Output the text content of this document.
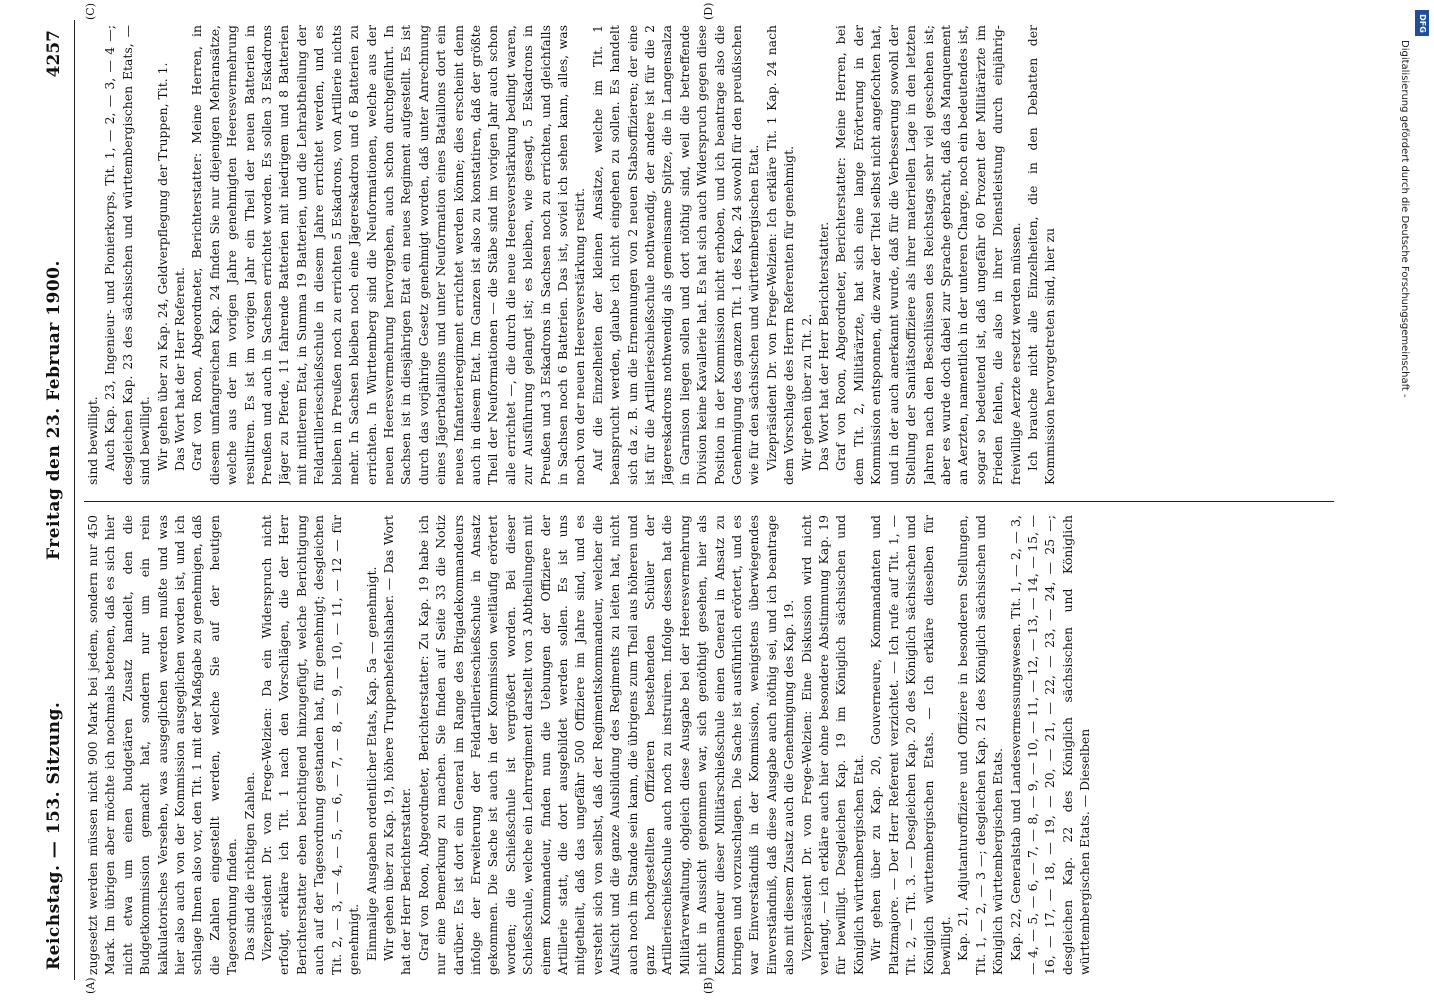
Reichstag. — 153. Sitzung.
Freitag den 23. Februar 1900.
4257
(A)	(B)
(C)	(D)

zugesetzt werden müssen nicht 900 Mark bei jedem, sondern nur 450 Mark. Im übrigen aber möchte ich nochmals betonen, daß es sich hier nicht etwa um einen budgetären Zusatz handelt, den die Budgetkommission gemacht hat, sondern nur um ein rein kalkulatorisches Versehen, was ausgeglichen werden mußte und was hier also auch von der Kommission ausgeglichen worden ist, und ich schlage Ihnen also vor, den Tit. 1 mit der Maßgabe zu genehmigen, daß die Zahlen eingestellt werden, welche Sie auf der heutigen Tagesordnung finden. Das sind die richtigen Zahlen. Vizepräsident Dr. von Frege-Welzien: Da ein Widerspruch nicht erfolgt, erkläre ich Tit. 1 nach den Vorschlägen, die der Herr Berichterstatter eben berichtigend hinzugefügt, welche Berichtigung auch auf der Tagesordnung gestanden hat, für genehmigt; desgleichen Tit. 2, — 3, — 4, — 5, — 6, — 7, — 8, — 9, — 10, — 11, — 12 — für genehmigt. Einmalige Ausgaben ordentlicher Etats, Kap. 5a — genehmigt. Wir gehen über zu Kap. 19, höhere Truppenbefehlshaber. — Das Wort hat der Herr Berichterstatter. Graf von Roon, Abgeordneter, Berichterstatter: Zu Kap. 19 habe ich nur eine Bemerkung zu machen. Sie finden auf Seite 33 die Notiz darüber. Es ist dort ein General im Range des Brigadekommandeurs infolge der Erweiterung der Feldartillerieschießschule in Ansatz gekommen. Die Sache ist auch in der Kommission weitläufig erörtert worden; die Schießschule ist vergrößert worden. Bei dieser Schießschule, welche ein Lehrregiment darstellt von 3 Abtheilungen mit einem Kommandeur, finden nun die Uebungen der Offiziere der Artillerie statt, die dort ausgebildet werden sollen. Es ist uns mitgetheilt, daß das ungefähr 500 Offiziere im Jahre sind, und es versteht sich von selbst, daß der Regimentskommandeur, welcher die Aufsicht und die ganze Ausbildung des Regiments zu leiten hat, nicht auch noch im Stande sein kann, die übrigens zum Theil aus höheren und ganz hochgestellten Offizieren bestehenden Schüler der Artillerieschießschule auch noch zu instruiren. Infolge dessen hat die Militärverwaltung, obgleich diese Ausgabe bei der Heeresvermehrung nicht in Aussicht genommen war, sich genöthigt gesehen, hier als Kommandeur dieser Militärschießschule einen General in Ansatz zu bringen und vorzuschlagen. Die Sache ist ausführlich erörtert, und es war Einverständniß in der Kommission, wenigstens überwiegendes Einverständniß, daß diese Ausgabe auch nöthig sei, und ich beantrage also mit diesem Zusatz auch die Genehmigung des Kap. 19. Vizepräsident Dr. von Frege-Welzien: Eine Diskussion wird nicht verlangt, — ich erkläre auch hier ohne besondere Abstimmung Kap. 19 für bewilligt. Desgleichen Kap. 19 im Königlich sächsischen und Königlich württembergischen Etat. Wir gehen über zu Kap. 20, Gouverneure, Kommandanten und Platzmajore. — Der Herr Referent verzichtet. — Ich rufe auf Tit. 1, — Tit. 2, — Tit. 3. — Desgleichen Kap. 20 des Königlich sächsischen und Königlich württembergischen Etats. — Ich erkläre dieselben für bewilligt. Kap. 21, Adjutanturoffiziere und Offiziere in besonderen Stellungen, Tit. 1, — 2, — 3 —; desgleichen Kap. 21 des Königlich sächsischen und Königlich württembergischen Etats. Kap. 22, Generalstab und Landesvermessungswesen. Tit. 1, — 2, — 3, — 4, — 5, — 6, — 7, — 8, — 9, — 10, — 11, — 12, — 13, — 14, — 15, — 16, — 17, — 18, — 19, — 20, — 21, — 22, — 23, — 24, — 25 —; desgleichen Kap. 22 des Königlich sächsischen und Königlich württembergischen Etats. — Dieselben

sind bewilligt. Auch Kap. 23, Ingenieur- und Pionierkorps, Tit. 1, — 2, — 3, — 4 —; desgleichen Kap. 23 des sächsischen und württembergischen Etats, — sind bewilligt. Wir gehen über zu Kap. 24, Geldverpflegung der Truppen, Tit. 1. Das Wort hat der Herr Referent. Graf von Roon, Abgeordneter, Berichterstatter: Meine Herren, in diesem umfangreichen Kap. 24 finden Sie nur diejenigen Mehransätze, welche aus der im vorigen Jahre genehmigten Heeresvermehrung resultiren. Es ist im vorigen Jahr ein Theil der neuen Batterien in Preußen und auch in Sachsen errichtet worden. Es sollen 3 Eskadrons Jäger zu Pferde, 11 fahrende Batterien mit niedrigem und 8 Batterien mit mittlerem Etat, in Summa 19 Batterien, und die Lehrabtheilung der Feldartillerieschießschule in diesem Jahre errichtet werden, und es bleiben in Preußen noch zu errichten 5 Eskadrons, von Artillerie nichts mehr. In Sachsen bleiben noch eine Jägereskadron und 6 Batterien zu errichten. In Württemberg sind die Neuformationen, welche aus der neuen Heeresvermehrung hervorgehen, auch schon durchgeführt. In Sachsen ist in diesjährigen Etat ein neues Regiment aufgestellt. Es ist durch das vorjährige Gesetz genehmigt worden, daß unter Anrechnung eines Jägerbataillons und unter Neuformation eines Bataillons dort ein neues Infanterieregiment errichtet werden könne; dies erscheint denn auch in diesem Etat. Im Ganzen ist also zu konstatiren, daß der größte Theil der Neuformationen — die Stäbe sind im vorigen Jahr auch schon alle errichtet —, die durch die neue Heeresverstärkung bedingt waren, zur Ausführung gelangt ist; es bleiben, wie gesagt, 5 Eskadrons in Preußen und 3 Eskadrons in Sachsen noch zu errichten, und gleichfalls in Sachsen noch 6 Batterien. Das ist, soviel ich sehen kann, alles, was noch von der neuen Heeresverstärkung restirt. Auf die Einzelheiten der kleinen Ansätze, welche im Tit. 1 beansprucht werden, glaube ich nicht eingehen zu sollen. Es handelt sich da z. B. um die Ernennungen von 2 neuen Stabsoffizieren; der eine ist für die Artillerieschießschule nothwendig, der andere ist für die 2 Jägereskadrons nothwendig als gemeinsame Spitze, die in Langensalza in Garnison liegen sollen und dort nöthig sind, weil die betreffende Division keine Kavallerie hat. Es hat sich auch Widerspruch gegen diese Position in der Kommission nicht erhoben, und ich beantrage also die Genehmigung des ganzen Tit. 1 des Kap. 24 sowohl für den preußischen wie für den sächsischen und württembergischen Etat. Vizepräsident Dr. von Frege-Welzien: Ich erkläre Tit. 1 Kap. 24 nach dem Vorschlage des Herrn Referenten für genehmigt. Wir gehen über zu Tit. 2. Das Wort hat der Herr Berichterstatter. Graf von Roon, Abgeordneter, Berichterstatter: Meine Herren, bei dem Tit. 2, Militärärzte, hat sich eine lange Erörterung in der Kommission entsponnen, die zwar der Titel selbst nicht angefochten hat, und in der auch anerkannt wurde, daß für die Verbesserung sowohl der Stellung der Sanitätsoffiziere als ihrer materiellen Lage in den letzten Jahren nach den Beschlüssen des Reichstags sehr viel geschehen ist; aber es wurde doch dabei zur Sprache gebracht, daß das Manquement an Aerzten, namentlich in der unteren Charge, noch ein bedeutendes ist, sogar so bedeutend ist, daß ungefähr 60 Prozent der Militärärzte im Frieden fehlen, die also in ihrer Dienstleistung durch einjährig-freiwillige Aerzte ersetzt werden müssen. Ich brauche nicht alle Einzelheiten, die in den Debatten der Kommission hervorgetreten sind, hier zu

DFG
Digitalisierung gefördert durch die Deutsche Forschungsgemeinschaft -
